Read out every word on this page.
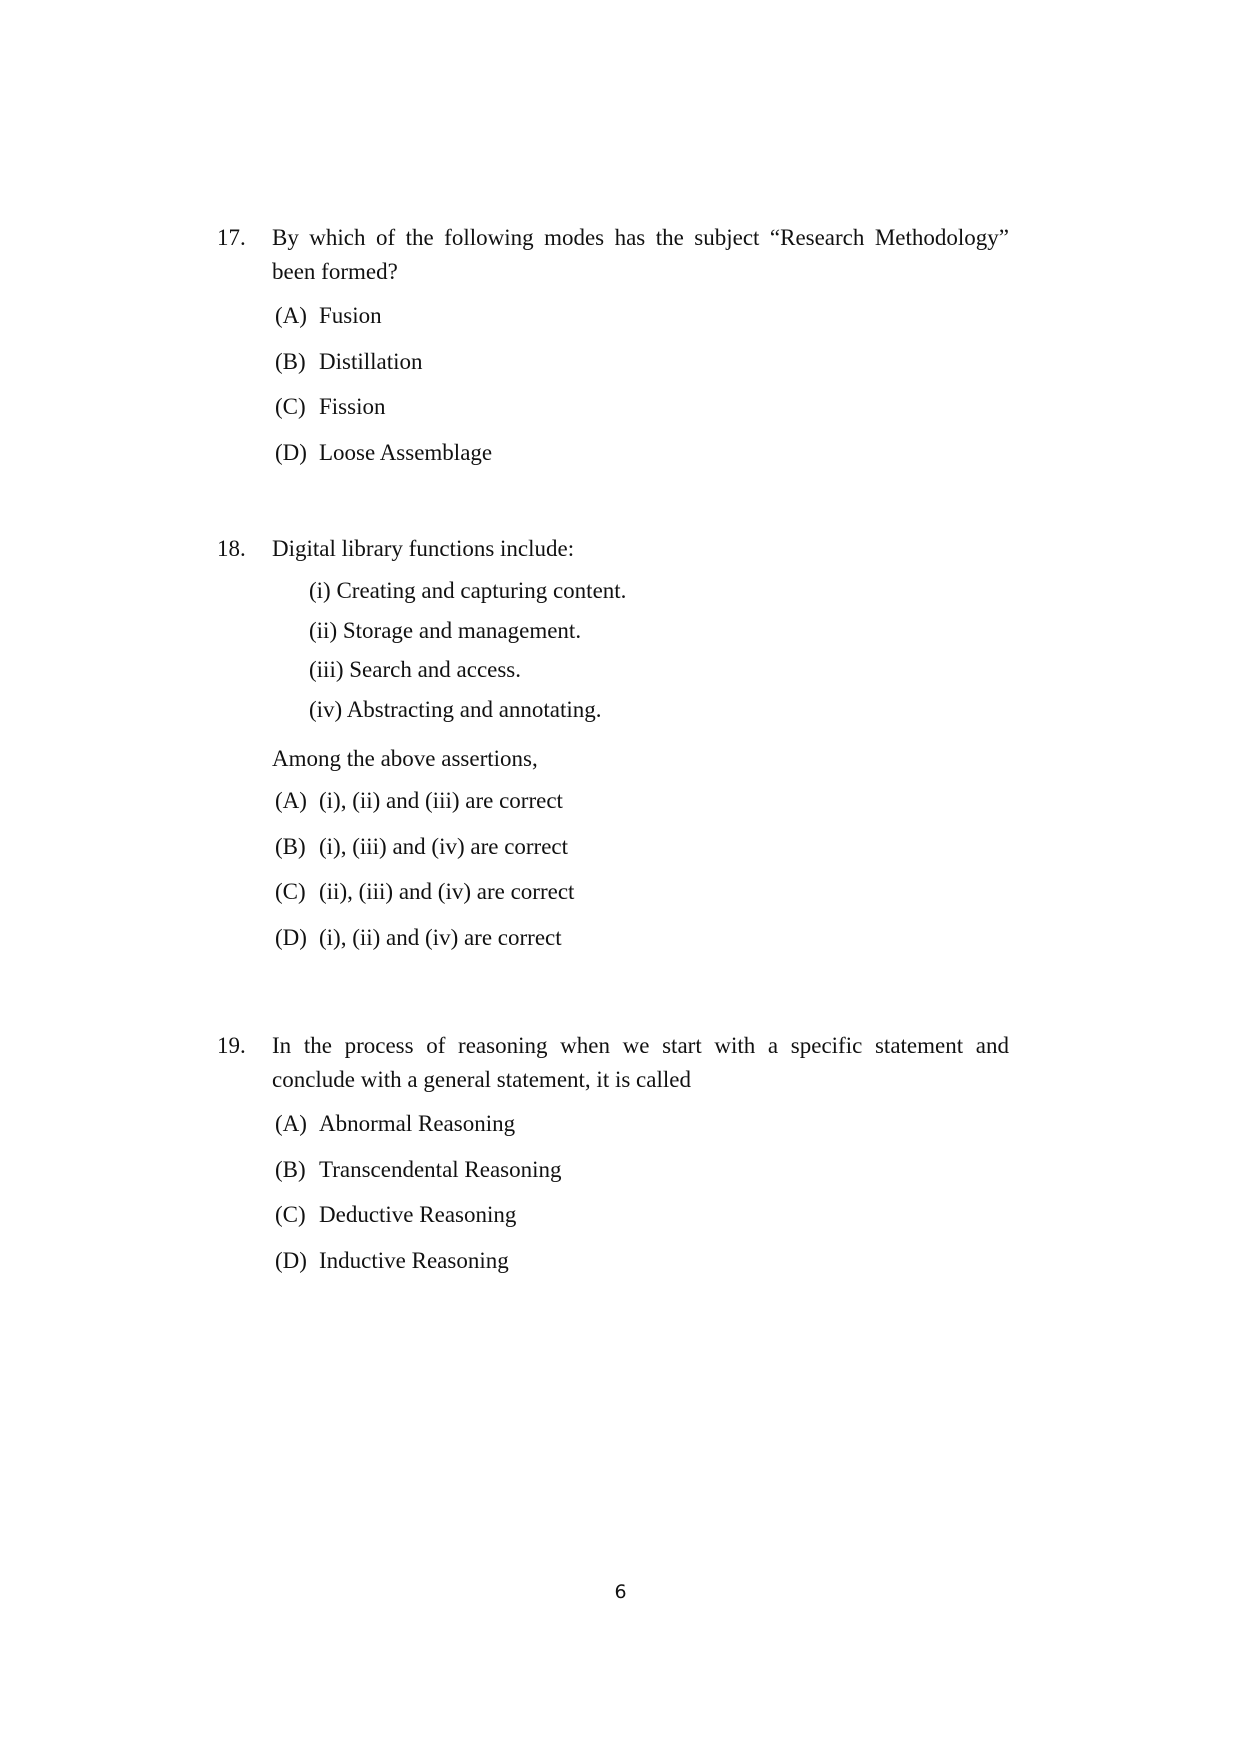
17.	By which of the following modes has the subject “Research Methodology” been formed?
(A) Fusion
(B) Distillation
(C) Fission
(D) Loose Assemblage
18.	Digital library functions include:
(i) Creating and capturing content.
(ii) Storage and management.
(iii) Search and access.
(iv) Abstracting and annotating.
Among the above assertions,
(A) (i), (ii) and (iii) are correct
(B) (i), (iii) and (iv) are correct
(C) (ii), (iii) and (iv) are correct
(D) (i), (ii) and (iv) are correct
19.	In the process of reasoning when we start with a specific statement and conclude with a general statement, it is called
(A) Abnormal Reasoning
(B) Transcendental Reasoning
(C) Deductive Reasoning
(D) Inductive Reasoning
6
